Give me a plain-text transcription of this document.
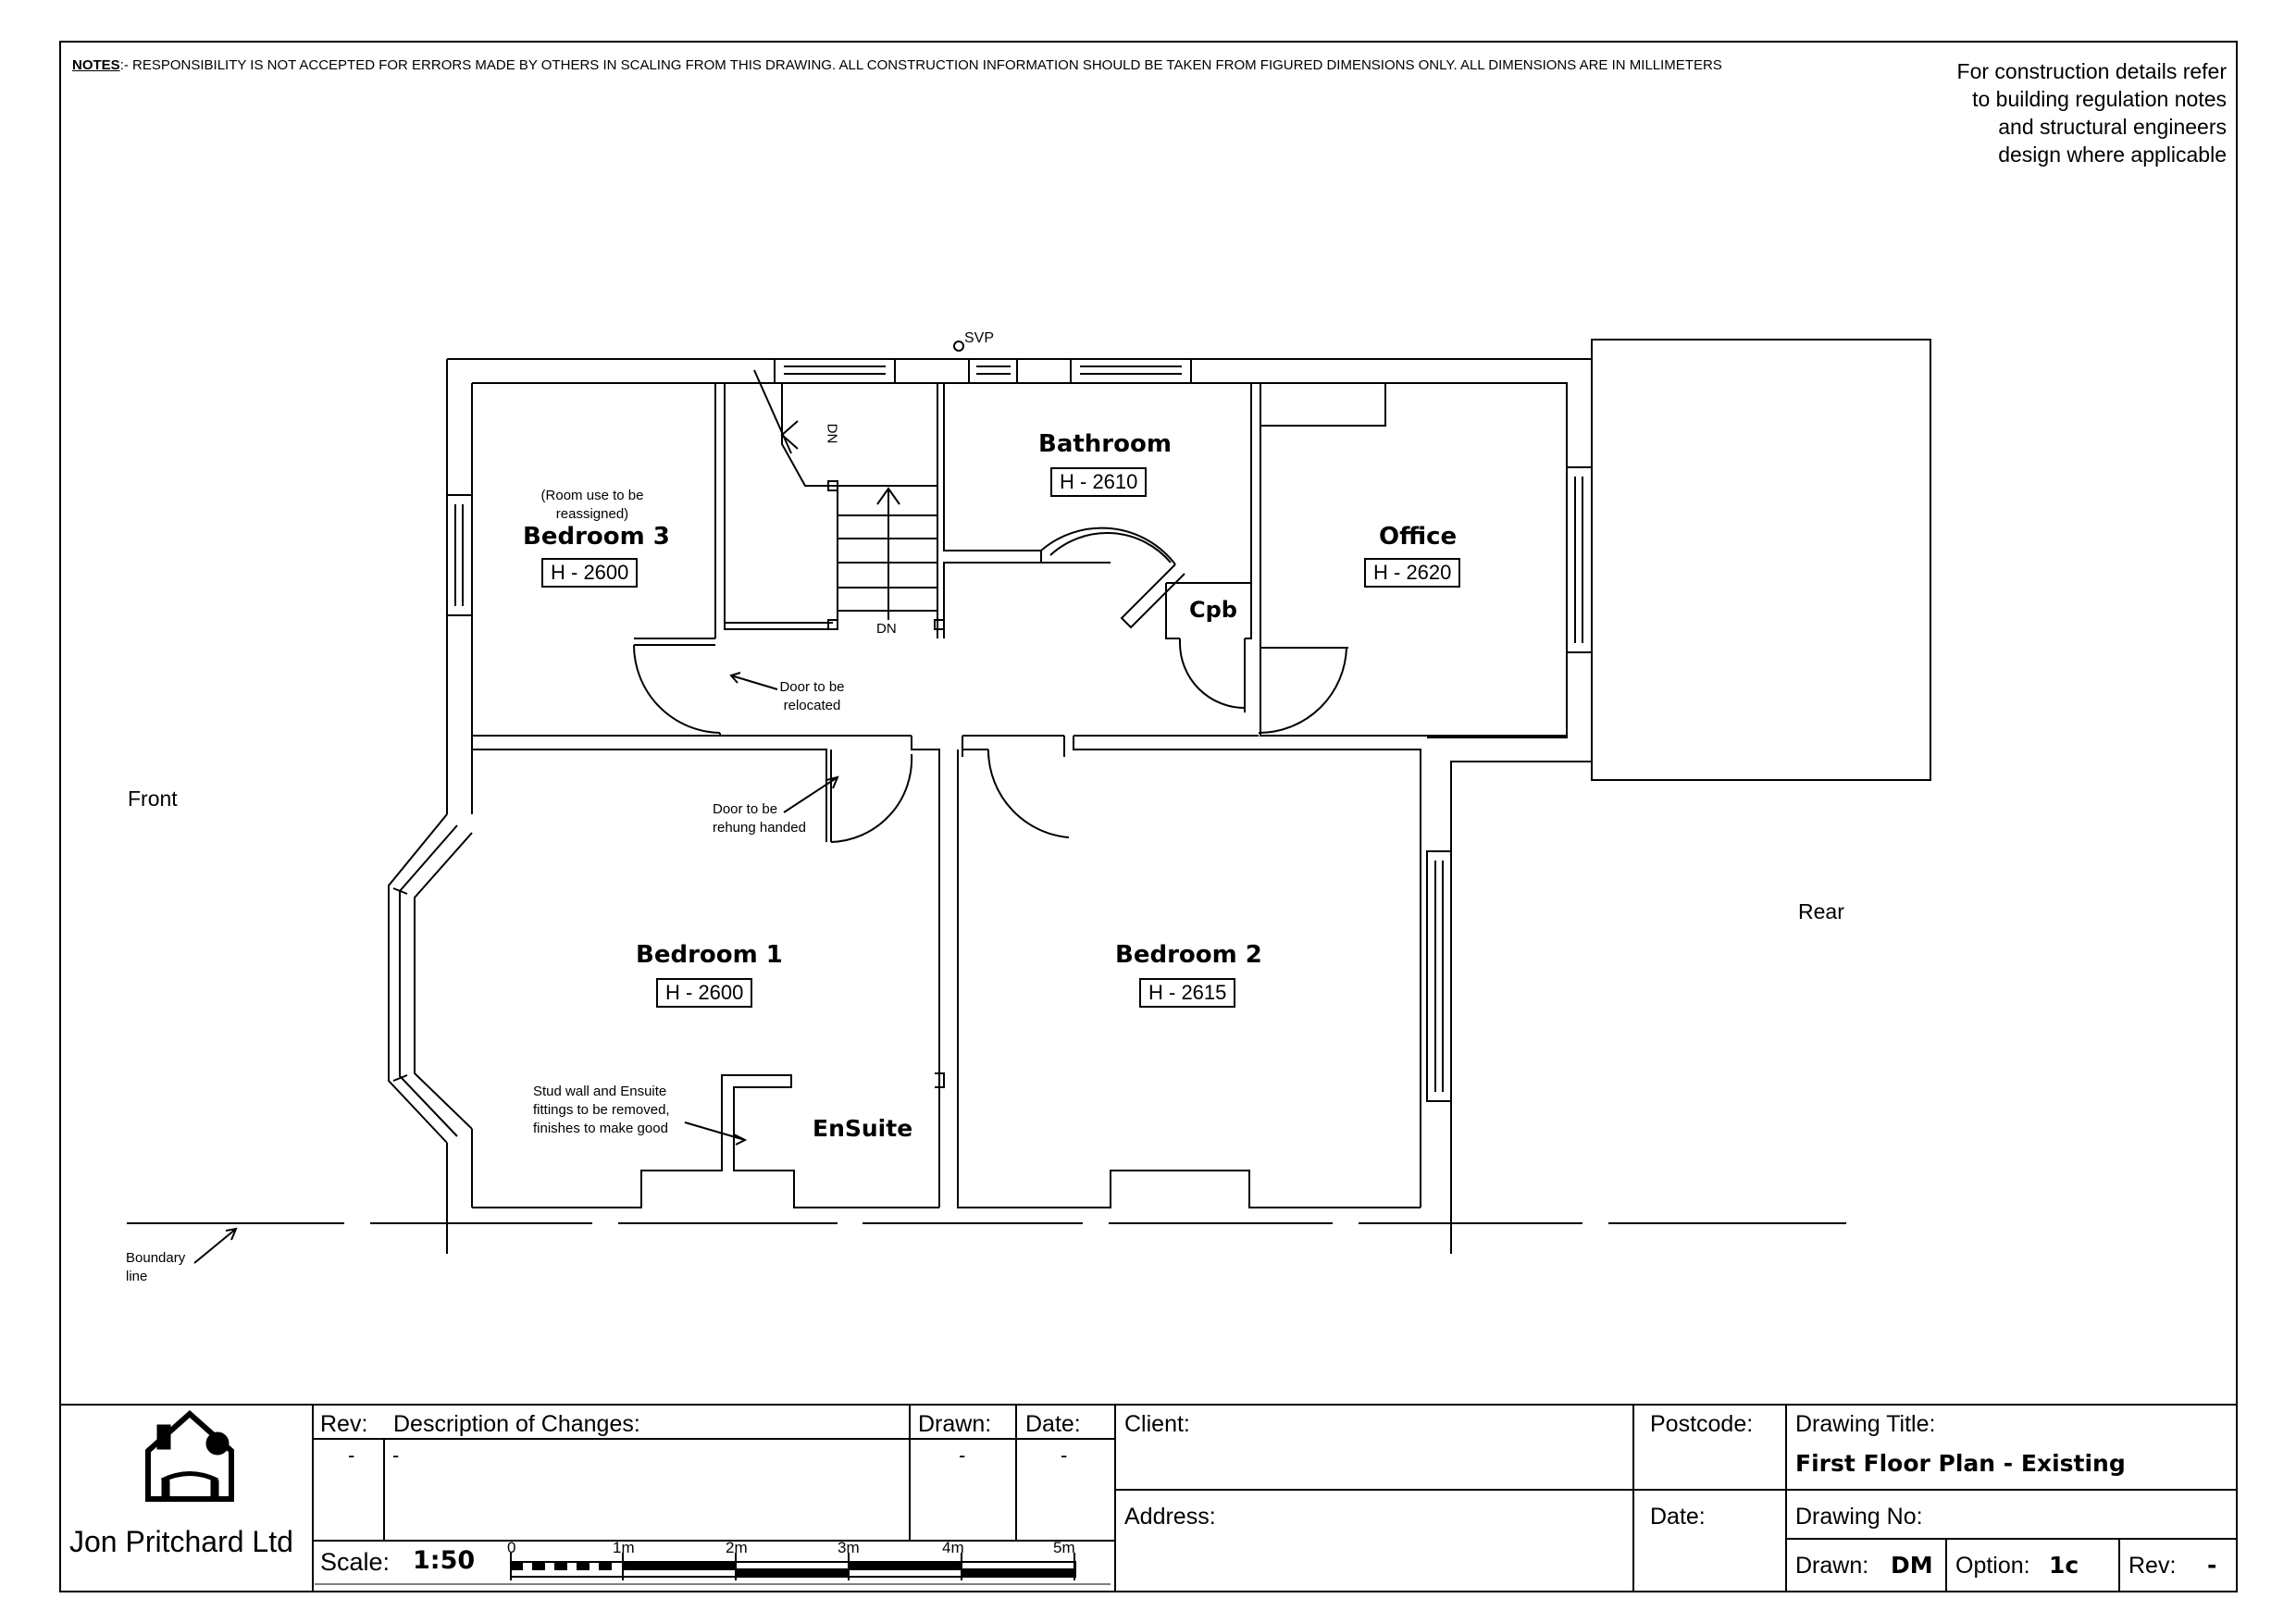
NOTES:- RESPONSIBILITY IS NOT ACCEPTED FOR ERRORS MADE BY OTHERS IN SCALING FROM THIS DRAWING. ALL CONSTRUCTION INFORMATION SHOULD BE TAKEN FROM FIGURED DIMENSIONS ONLY. ALL DIMENSIONS ARE IN MILLIMETERS	For construction details refer
to building regulation notes
and structural engineers
design where applicable
SVP
Front
Rear
Boundary
line
DN
DN
(Room use to be
reassigned)
Bedroom 3
H - 2600
Bathroom
H - 2610
Office
H - 2620
Cpb
Bedroom 1
H - 2600
Bedroom 2
H - 2615
EnSuite
Door to be
relocated
Door to be
rehung handed
Stud wall and Ensuite
fittings to be removed,
finishes to make good
Jon Pritchard Ltd
Rev: Description of Changes:	Drawn: Date:
- -	-	-
Scale: 1:50 0	1m	2m	3m	4m	5m
Client:
Address:
Postcode:
Date:
Drawing Title:
First Floor Plan - Existing
Drawing No:
Drawn: DM Option: 1c Rev: -
